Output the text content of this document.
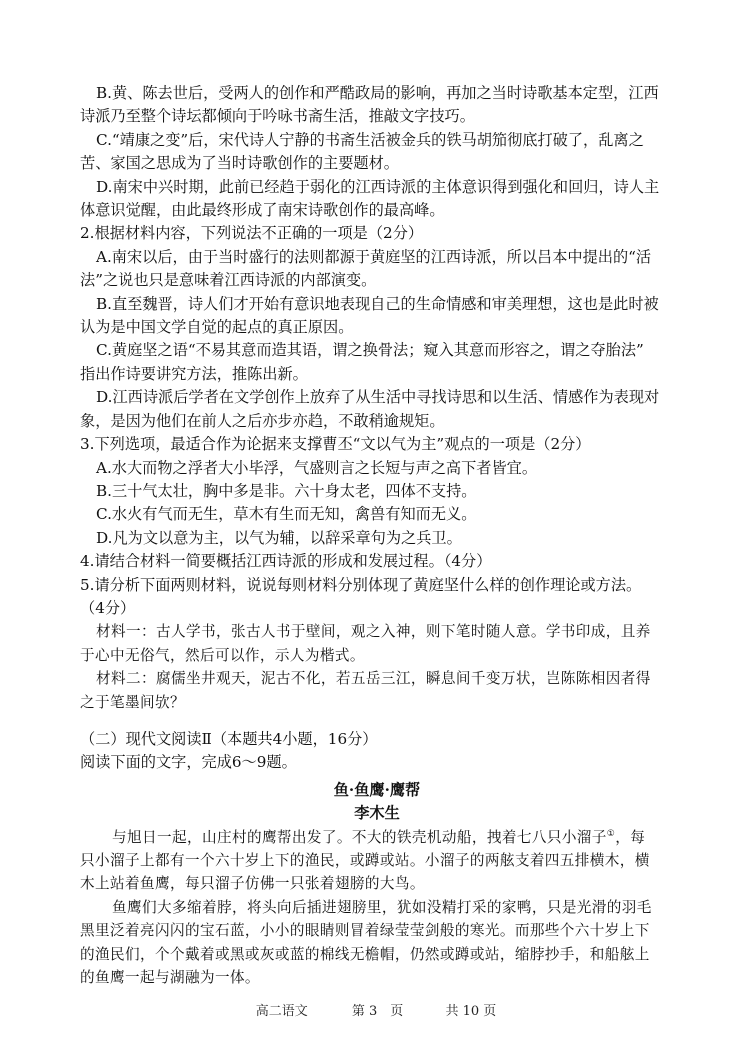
B.黄、陈去世后，受两人的创作和严酷政局的影响，再加之当时诗歌基本定型，江西

诗派乃至整个诗坛都倾向于吟咏书斋生活，推敲文字技巧。

C.“靖康之变”后，宋代诗人宁静的书斋生活被金兵的铁马胡笳彻底打破了，乱离之

苦、家国之思成为了当时诗歌创作的主要题材。

D.南宋中兴时期，此前已经趋于弱化的江西诗派的主体意识得到强化和回归，诗人主

体意识觉醒，由此最终形成了南宋诗歌创作的最高峰。

2.根据材料内容，下列说法不正确的一项是（2分）

A.南宋以后，由于当时盛行的法则都源于黄庭坚的江西诗派，所以吕本中提出的“活

法”之说也只是意味着江西诗派的内部演变。

B.直至魏晋，诗人们才开始有意识地表现自己的生命情感和审美理想，这也是此时被

认为是中国文学自觉的起点的真正原因。

C.黄庭坚之语“不易其意而造其语，谓之换骨法；窥入其意而形容之，谓之夺胎法”

指出作诗要讲究方法，推陈出新。

D.江西诗派后学者在文学创作上放弃了从生活中寻找诗思和以生活、情感作为表现对

象，是因为他们在前人之后亦步亦趋，不敢稍逾规矩。

3.下列选项，最适合作为论据来支撑曹丕“文以气为主”观点的一项是（2分）

A.水大而物之浮者大小毕浮，气盛则言之长短与声之高下者皆宜。

B.三十气太壮，胸中多是非。六十身太老，四体不支持。

C.水火有气而无生，草木有生而无知，禽兽有知而无义。

D.凡为文以意为主，以气为辅，以辞采章句为之兵卫。

4.请结合材料一简要概括江西诗派的形成和发展过程。（4分）

5.请分析下面两则材料，说说每则材料分别体现了黄庭坚什么样的创作理论或方法。

（4分）

材料一：古人学书，张古人书于壁间，观之入神，则下笔时随人意。学书印成，且养

于心中无俗气，然后可以作，示人为楷式。

材料二：腐儒坐井观天，泥古不化，若五岳三江，瞬息间千变万状，岂陈陈相因者得

之于笔墨间欤？

（二）现代文阅读Ⅱ（本题共4小题，16分）

阅读下面的文字，完成6～9题。

鱼·鱼鹰·鹰帮

李木生

与旭日一起，山庄村的鹰帮出发了。不大的铁壳机动船，拽着七八只小溜子①，每

只小溜子上都有一个六十岁上下的渔民，或蹲或站。小溜子的两舷支着四五排横木，横

木上站着鱼鹰，每只溜子仿佛一只张着翅膀的大鸟。

鱼鹰们大多缩着脖，将头向后插进翅膀里，犹如没精打采的家鸭，只是光滑的羽毛

黑里泛着亮闪闪的宝石蓝，小小的眼睛则冒着绿莹莹剑般的寒光。而那些个六十岁上下

的渔民们，个个戴着或黑或灰或蓝的棉线无檐帽，仍然或蹲或站，缩脖抄手，和船舷上

的鱼鹰一起与湖融为一体。

高二语文	第 3　页	共 10 页
